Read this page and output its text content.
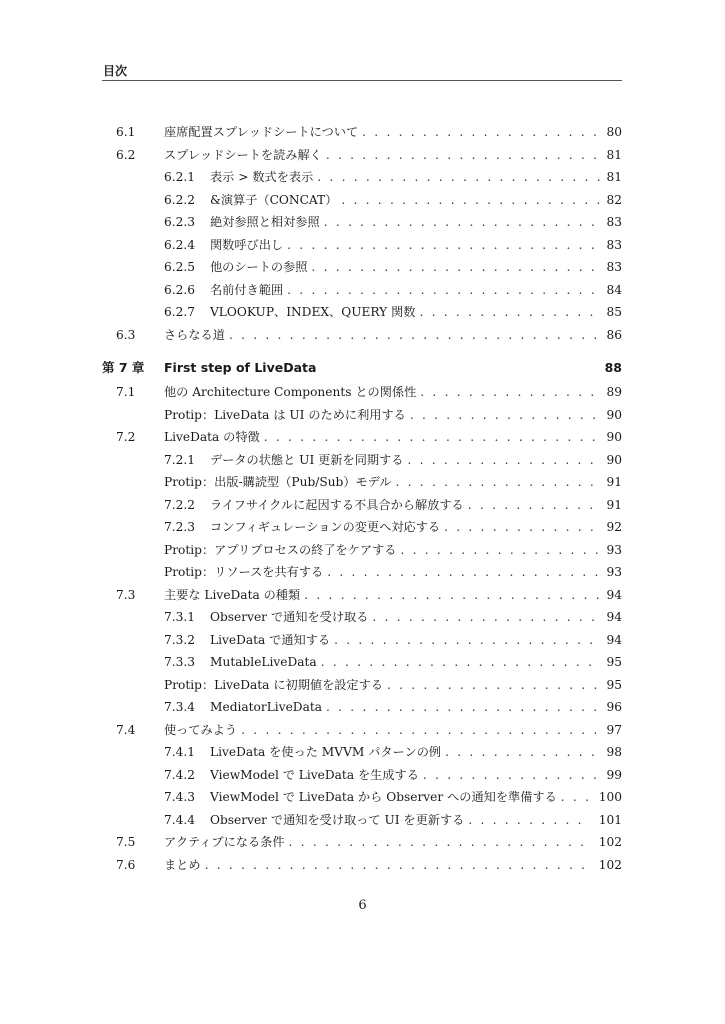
目次
6.1 座席配置スプレッドシートについて . . .	80
6.2 スプレッドシートを読み解く . . .	81
6.2.1 表示 > 数式を表示 . . .	81
6.2.2 &演算子（CONCAT） . . .	82
6.2.3 絶対参照と相対参照 . . .	83
6.2.4 関数呼び出し . . .	83
6.2.5 他のシートの参照 . . .	83
6.2.6 名前付き範囲 . . .	84
6.2.7 VLOOKUP、INDEX、QUERY 関数 . . .	85
6.3 さらなる道 . . .	86
第 7 章 First step of LiveData	88
7.1 他の Architecture Components との関係性 . . .	89
Protip：LiveData は UI のために利用する . . .	90
7.2 LiveData の特徴 . . .	90
7.2.1 データの状態と UI 更新を同期する . . .	90
Protip：出版-購読型（Pub/Sub）モデル . . .	91
7.2.2 ライフサイクルに起因する不具合から解放する . . .	91
7.2.3 コンフィギュレーションの変更へ対応する . . .	92
Protip：アプリプロセスの終了をケアする . . .	93
Protip：リソースを共有する . . .	93
7.3 主要な LiveData の種類 . . .	94
7.3.1 Observer で通知を受け取る . . .	94
7.3.2 LiveData で通知する . . .	94
7.3.3 MutableLiveData . . .	95
Protip：LiveData に初期値を設定する . . .	95
7.3.4 MediatorLiveData . . .	96
7.4 使ってみよう . . .	97
7.4.1 LiveData を使った MVVM パターンの例 . . .	98
7.4.2 ViewModel で LiveData を生成する . . .	99
7.4.3 ViewModel で LiveData から Observer への通知を準備する . . .	100
7.4.4 Observer で通知を受け取って UI を更新する . . .	101
7.5 アクティブになる条件 . . .	102
7.6 まとめ . . .	102
6
